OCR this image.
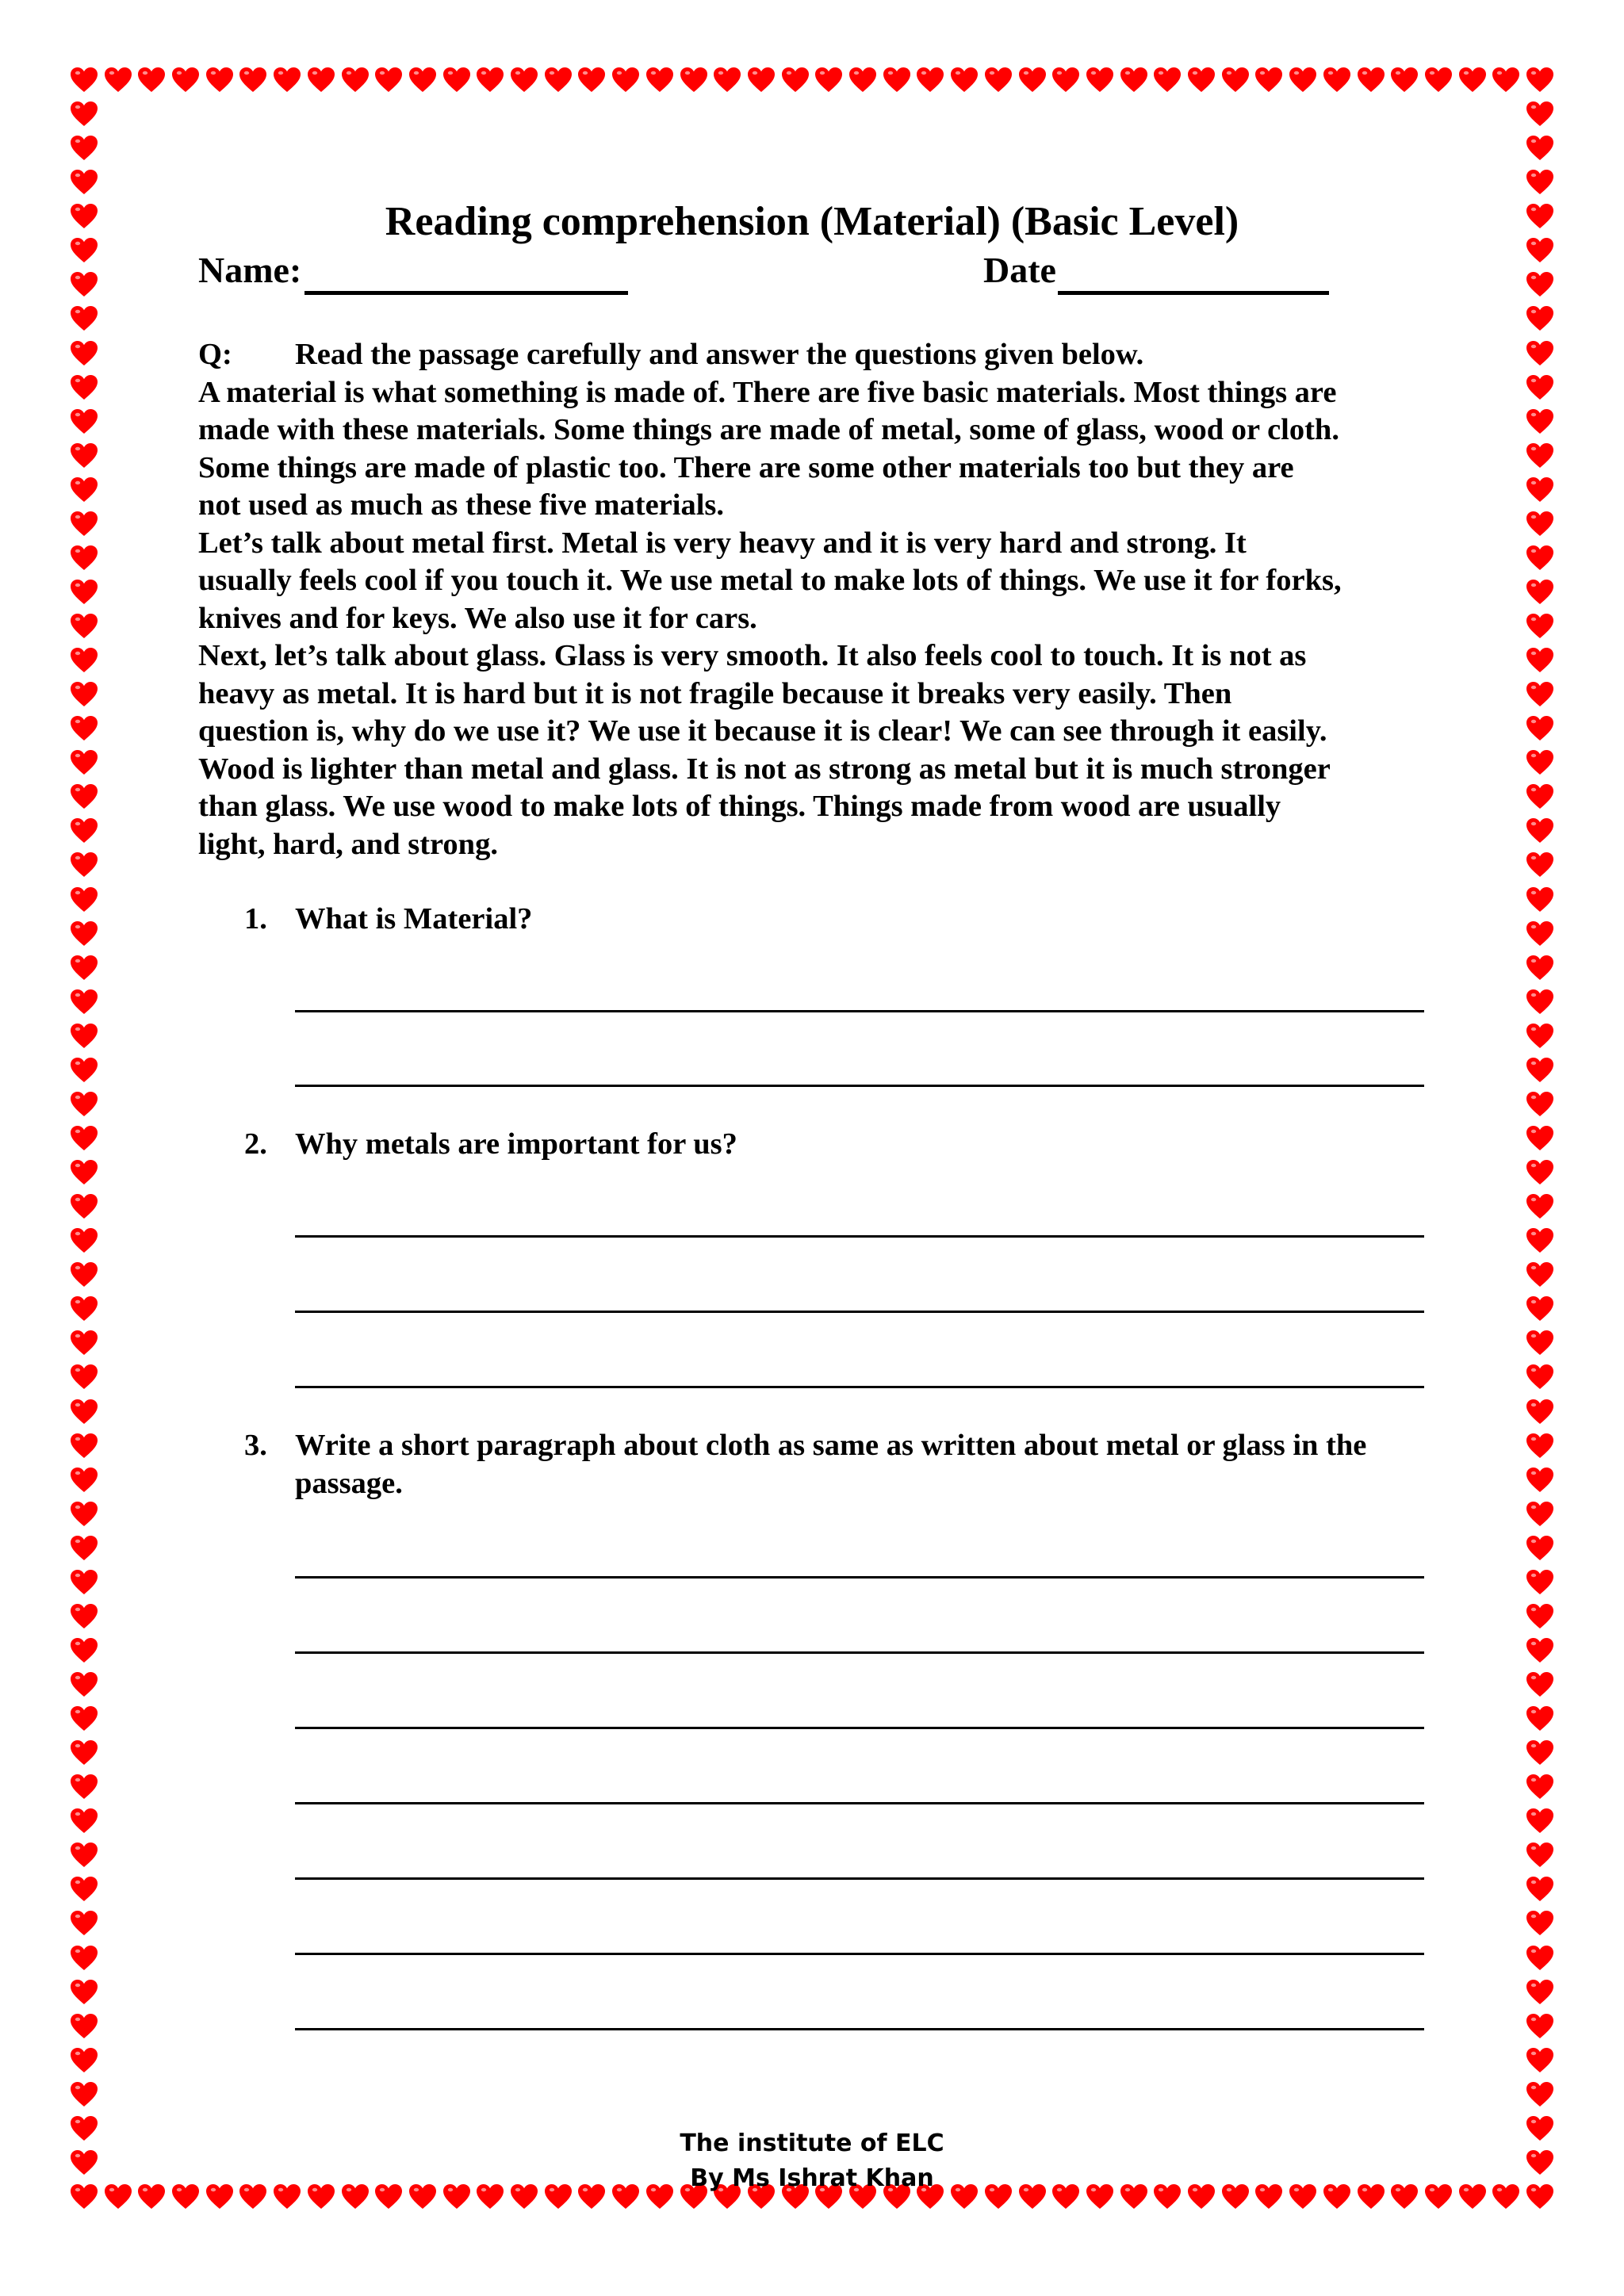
Reading comprehension (Material) (Basic Level)
Name:	Date
Q:	Read the passage carefully and answer the questions given below.
A material is what something is made of. There are five basic materials. Most things are
made with these materials. Some things are made of metal, some of glass, wood or cloth.
Some things are made of plastic too. There are some other materials too but they are
not used as much as these five materials.
Let’s talk about metal first. Metal is very heavy and it is very hard and strong. It
usually feels cool if you touch it. We use metal to make lots of things. We use it for forks,
knives and for keys. We also use it for cars.
Next, let’s talk about glass. Glass is very smooth. It also feels cool to touch. It is not as
heavy as metal. It is hard but it is not fragile because it breaks very easily. Then
question is, why do we use it? We use it because it is clear! We can see through it easily.
Wood is lighter than metal and glass. It is not as strong as metal but it is much stronger
than glass. We use wood to make lots of things. Things made from wood are usually
light, hard, and strong.
1. What is Material?
2. Why metals are important for us?
3. Write a short paragraph about cloth as same as written about metal or glass in the passage.
The institute of ELC
By Ms Ishrat Khan
